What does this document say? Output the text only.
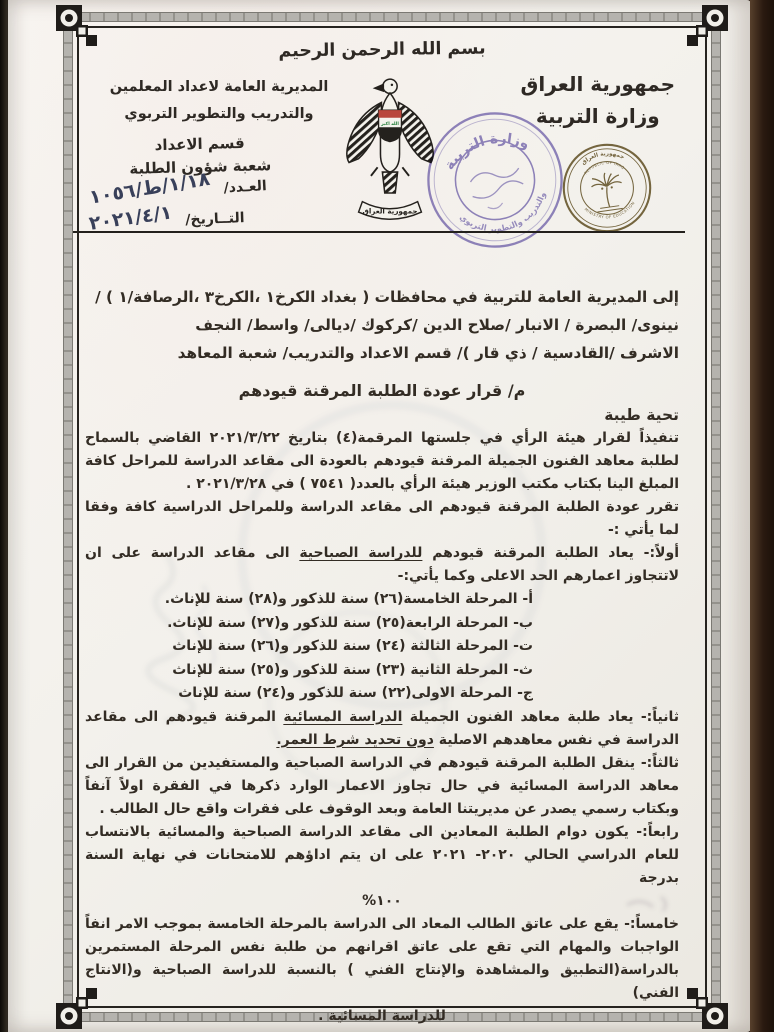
بسم الله الرحمن الرحيم
جمهورية العراق
وزارة التربية
المديرية العامة لاعداد المعلمين
والتدريب والتطوير التربوي
قسم الاعداد
شعبة شؤون الطلبة
العـدد/ ١٠٥٦/ط/١/١٨
التــاريخ/ ٢٠٢١/٤/١
الله اكبر
جمهورية العراق
وزارة التربية
والتدريب والتطوير التربوي
جمهورية العراق
REPUBLIC OF IRAQ
MINISTRY OF EDUCATION
إلى المديرية العامة للتربية في محافظات ( بغداد الكرخ١ ،الكرخ٣ ،الرصافة/١ ) /
نينوى/ البصرة / الانبار /صلاح الدين /كركوك /ديالى/ واسط/ النجف
الاشرف /القادسية / ذي قار )/ قسم الاعداد والتدريب/ شعبة المعاهد
م/ قرار عودة الطلبة المرقنة قيودهم
تحية طيبة
تنفيذاً لقرار هيئة الرأي في جلستها المرقمة(٤) بتاريخ ٢٠٢١/٣/٢٢ القاضي بالسماح لطلبة معاهد الفنون الجميلة المرقنة قيودهم بالعودة الى مقاعد الدراسة للمراحل كافة المبلغ الينا بكتاب مكتب الوزير هيئة الرأي بالعدد( ٧٥٤١ ) في ٢٠٢١/٣/٢٨ .
تقرر عودة الطلبة المرقنة قيودهم الى مقاعد الدراسة وللمراحل الدراسية كافة وفقا لما يأتي :-
أولاً:- يعاد الطلبة المرقنة قيودهم للدراسة الصباحية الى مقاعد الدراسة على ان لاتتجاوز اعمارهم الحد الاعلى وكما يأتي:-
أ- المرحلة الخامسة(٢٦) سنة للذكور و(٢٨) سنة للإناث.
ب- المرحلة الرابعة(٢٥) سنة للذكور و(٢٧) سنة للإناث.
ت- المرحلة الثالثة (٢٤) سنة للذكور و(٢٦) سنة للإناث
ث- المرحلة الثانية (٢٣) سنة للذكور و(٢٥) سنة للإناث
ج- المرحلة الاولى(٢٢) سنة للذكور و(٢٤) سنة للإناث
ثانياً:- يعاد طلبة معاهد الفنون الجميلة الدراسة المسائية المرقنة قيودهم الى مقاعد الدراسة في نفس معاهدهم الاصلية دون تحديد شرط العمر.
ثالثاً:- ينقل الطلبة المرقنة قيودهم في الدراسة الصباحية والمستفيدين من القرار الى معاهد الدراسة المسائية في حال تجاوز الاعمار الوارد ذكرها في الفقرة اولاً آنفاً وبكتاب رسمي يصدر عن مديريتنا العامة وبعد الوقوف على فقرات واقع حال الطالب .
رابعاً:- يكون دوام الطلبة المعادين الى مقاعد الدراسة الصباحية والمسائية بالانتساب للعام الدراسي الحالي ٢٠٢٠- ٢٠٢١ على ان يتم اداؤهم للامتحانات في نهاية السنة بدرجة
%١٠٠
خامساً:- يقع على عاتق الطالب المعاد الى الدراسة بالمرحلة الخامسة بموجب الامر انفاً الواجبات والمهام التي تقع على عاتق اقرانهم من طلبة نفس المرحلة المستمرين بالدراسة(التطبيق والمشاهدة والإنتاج الفني ) بالنسبة للدراسة الصباحية و(الانتاج الفني)
للدراسة المسائية .
